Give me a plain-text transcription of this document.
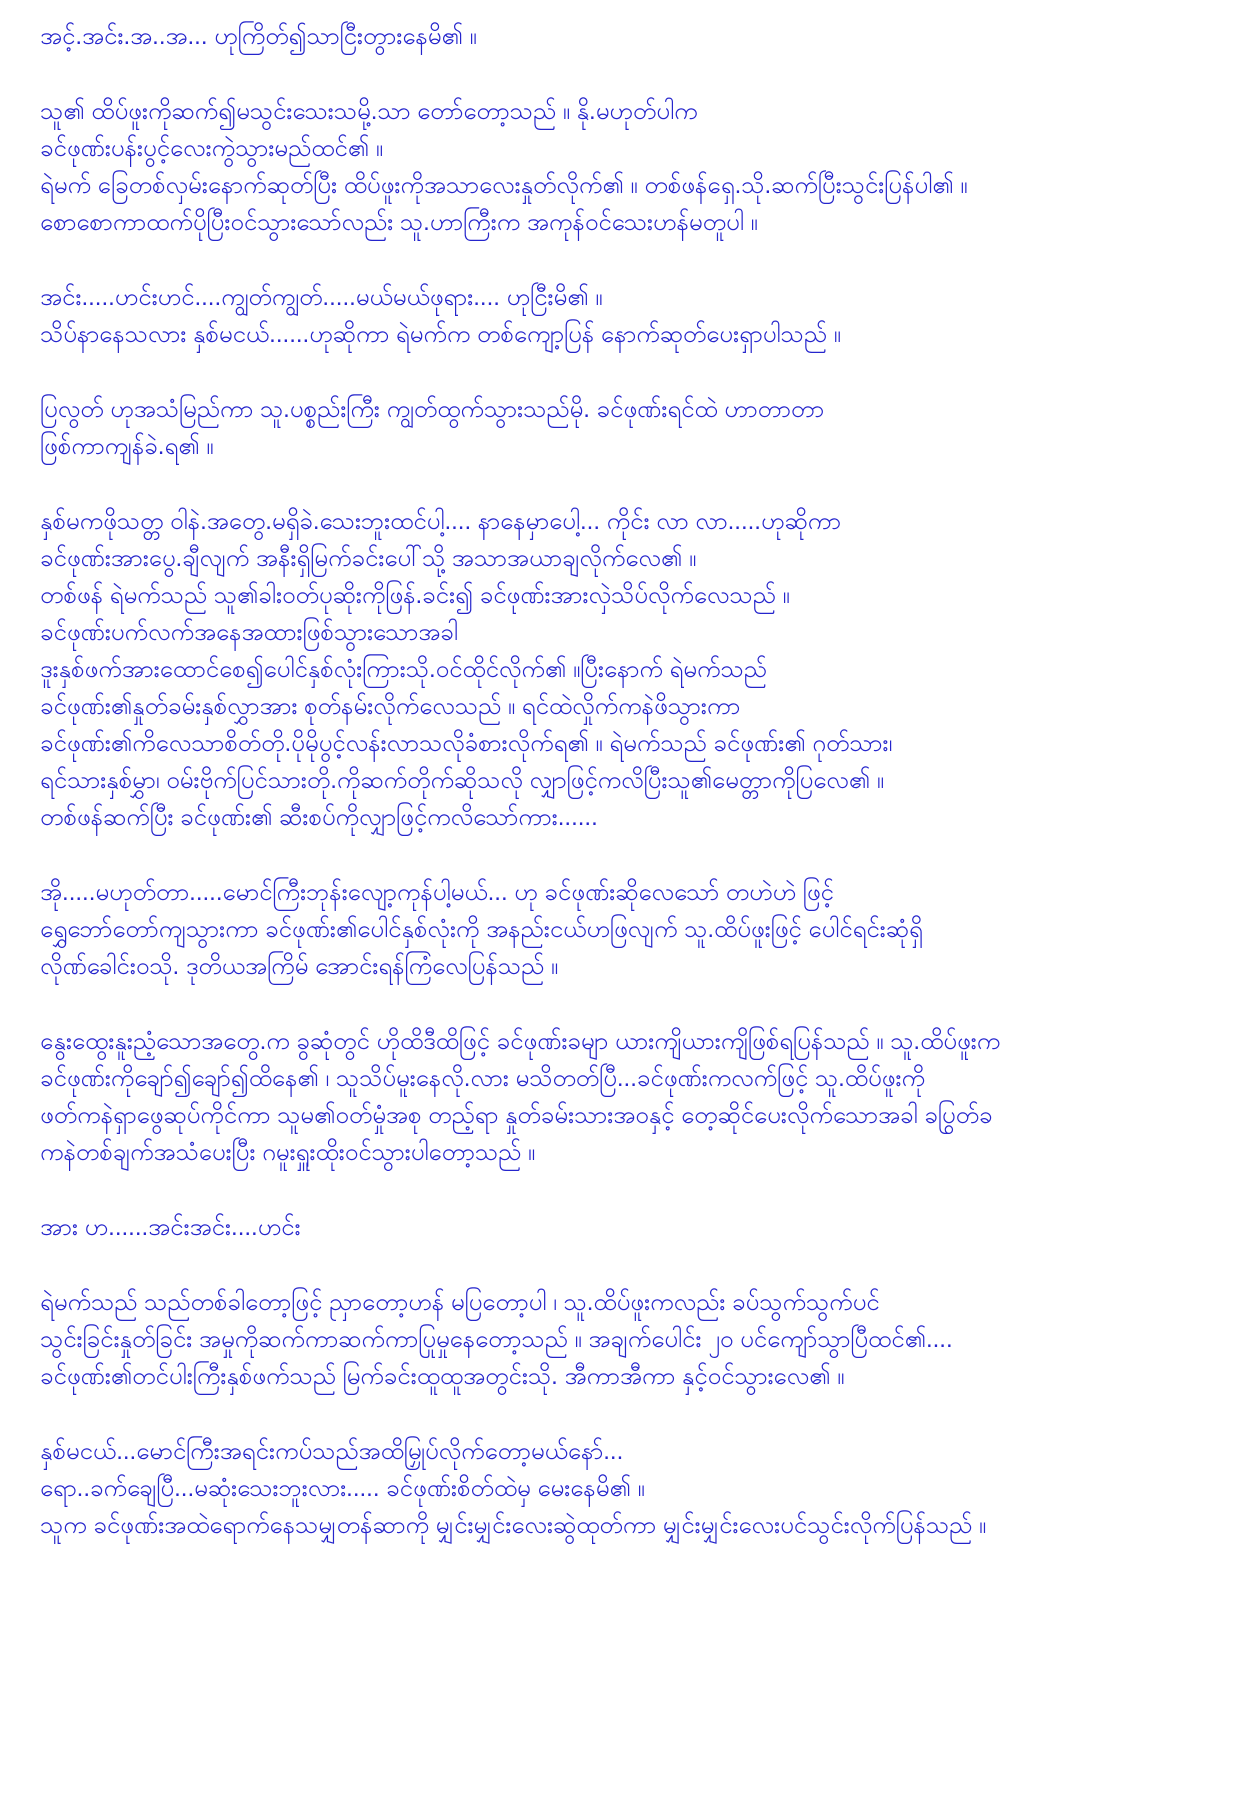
အင့်.အင်း.အ..အ... ဟုကြိတ်၍သာငြီးတွားနေမိ၏ ။

သူ၏ ထိပ်ဖူးကိုဆက်၍မသွင်းသေးသမို့.သာ တော်တော့သည် ။ နို.မဟုတ်ပါက
ခင်ဖုဏ်းပန်းပွင့်လေးကွဲသွားမည်ထင်၏ ။
ရဲမက် ခြေတစ်လှမ်းနောက်ဆုတ်ပြီး ထိပ်ဖူးကိုအသာလေးနှုတ်လိုက်၏ ။ တစ်ဖန်ရှေ.သို.ဆက်ပြီးသွင်းပြန်ပါ၏ ။
စောစောကာထက်ပိုပြီးဝင်သွားသော်လည်း သူ.ဟာကြီးက အကုန်ဝင်သေးဟန်မတူပါ ။

အင်း.....ဟင်းဟင်....ကျွတ်ကျွတ်.....မယ်မယ်ဖုရား.... ဟုငြီးမိ၏ ။
သိပ်နာနေသလား နှစ်မငယ်......ဟုဆိုကာ ရဲမက်က တစ်ကျော့ပြန် နောက်ဆုတ်ပေးရှာပါသည် ။

ပြလွတ် ဟုအသံမြည်ကာ သူ.ပစ္စည်းကြီး ကျွတ်ထွက်သွားသည်မို. ခင်ဖုဏ်းရင်ထဲ ဟာတာတာ
ဖြစ်ကာကျန်ခဲ.ရ၏ ။

နှစ်မကဖိုသတ္တ ဝါနဲ.အတွေ.မရှိခဲ.သေးဘူးထင်ပါ့.... နာနေမှာပေါ့... ကိုင်း လာ လာ.....ဟုဆိုကာ
ခင်ဖုဏ်းအားပွေ.ချီလျက် အနီးရှိမြက်ခင်းပေါ်သို့ အသာအယာချလိုက်လေ၏ ။
တစ်ဖန် ရဲမက်သည် သူ၏ခါးဝတ်ပုဆိုးကိုဖြန်.ခင်း၍ ခင်ဖုဏ်းအားလှဲသိပ်လိုက်လေသည် ။
ခင်ဖုဏ်းပက်လက်အနေအထားဖြစ်သွားသောအခါ
ဒူးနှစ်ဖက်အားထောင်စေ၍ပေါင်နှစ်လုံးကြားသို.ဝင်ထိုင်လိုက်၏ ။ပြီးနောက် ရဲမက်သည်
ခင်ဖုဏ်း၏နှုတ်ခမ်းနှစ်လွှာအား စုတ်နမ်းလိုက်လေသည် ။ ရင်ထဲလှိုက်ကနဲဖိသွားကာ
ခင်ဖုဏ်း၏ကိလေသာစိတ်တို.ပိုမိုပွင့်လန်းလာသလိုခံစားလိုက်ရ၏ ။ ရဲမက်သည် ခင်ဖုဏ်း၏ ဂုတ်သား၊
ရင်သားနှစ်မွှာ၊ ဝမ်းဗိုက်ပြင်သားတို.ကိုဆက်တိုက်ဆိုသလို လျှာဖြင့်ကလိပြီးသူ၏မေတ္တာကိုပြလေ၏ ။
တစ်ဖန်ဆက်ပြီး ခင်ဖုဏ်း၏ ဆီးစပ်ကိုလျှာဖြင့်ကလိသော်ကား......

အို.....မဟုတ်တာ.....မောင်ကြီးဘုန်းလျော့ကုန်ပါ့မယ်... ဟု ခင်ဖုဏ်းဆိုလေသော် တဟဲဟဲ ဖြင့်
ရွှေဘော်တော်ကျသွားကာ ခင်ဖုဏ်း၏ပေါင်နှစ်လုံးကို အနည်းငယ်ဟဖြလျက် သူ.ထိပ်ဖူးဖြင့် ပေါင်ရင်းဆုံရှိ
လိုဏ်ခေါင်းဝသို. ဒုတိယအကြိမ် အောင်းရန်ကြံလေပြန်သည် ။

နွေးထွေးနူးညံ့သောအတွေ.က ခွဆုံတွင် ဟိုထိဒီထိဖြင့် ခင်ဖုဏ်းခမျာ ယားကျိယားကျိဖြစ်ရပြန်သည် ။ သူ.ထိပ်ဖူးက
ခင်ဖုဏ်းကိုချော်၍ချော်၍ထိနေ၏ ၊ သူသိပ်မူးနေလို.လား မသိတတ်ပြီ...ခင်ဖုဏ်းကလက်ဖြင့် သူ.ထိပ်ဖူးကို
ဖတ်ကနဲရှာဖွေဆုပ်ကိုင်ကာ သူမ၏ဝတ်မှုံအစု တည့်ရာ နှုတ်ခမ်းသားအဝနှင့် တေ့ဆိုင်ပေးလိုက်သောအခါ ခပြွတ်ခ
ကနဲတစ်ချက်အသံပေးပြီး ဂမူးရှူးထိုးဝင်သွားပါတော့သည် ။

အား ဟ......အင်းအင်း....ဟင်း

ရဲမက်သည် သည်တစ်ခါတော့ဖြင့် ညှာတော့ဟန် မပြတော့ပါ ၊ သူ.ထိပ်ဖူးကလည်း ခပ်သွက်သွက်ပင်
သွင်းခြင်းနှုတ်ခြင်း အမှုကိုဆက်ကာဆက်ကာပြုမှုနေတော့သည် ။ အချက်ပေါင်း ၂၀ ပင်ကျော်သွာပြီထင်၏....
ခင်ဖုဏ်း၏တင်ပါးကြီးနှစ်ဖက်သည် မြက်ခင်းထူထူအတွင်းသို. အီကာအီကာ နှင့်ဝင်သွားလေ၏ ။

နှစ်မငယ်...မောင်ကြီးအရင်းကပ်သည်အထိမြှုပ်လိုက်တော့မယ်နော်...
ရော..ခက်ချေပြီ...မဆုံးသေးဘူးလား..... ခင်ဖုဏ်းစိတ်ထဲမှ မေးနေမိ၏ ။
သူက ခင်ဖုဏ်းအထဲရောက်နေသမျှတန်ဆာကို မျှင်းမျှင်းလေးဆွဲထုတ်ကာ မျှင်းမျှင်းလေးပင်သွင်းလိုက်ပြန်သည် ။
